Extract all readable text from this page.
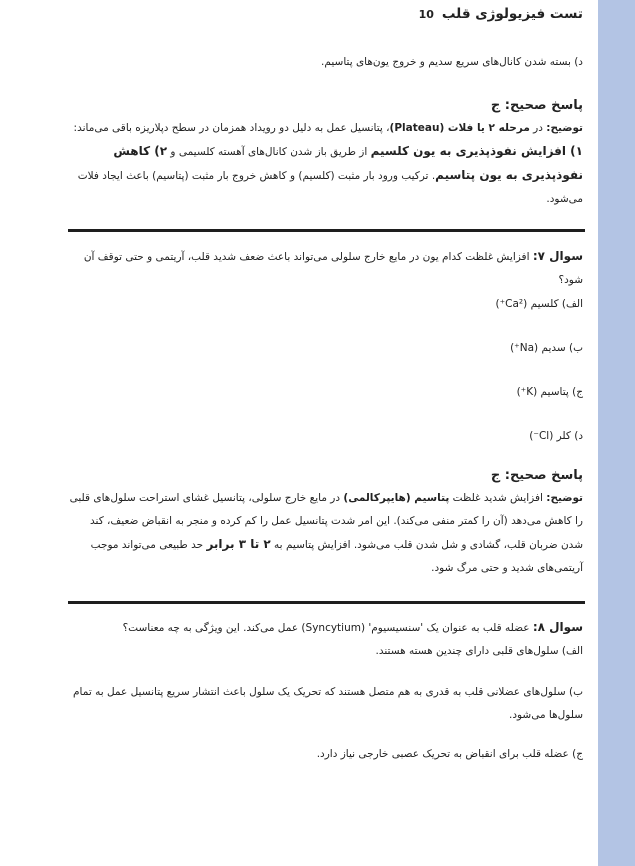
تست فیزیولوژی قلب
10

د) بسته شدن کانال‌های سریع سدیم و خروج یون‌های پتاسیم.

پاسخ صحیح: ج

توضیح: در مرحله ۲ یا فلات (Plateau)، پتانسیل عمل به دلیل دو رویداد همزمان در سطح دپلاریزه باقی می‌ماند: ۱) افزایش نفوذپذیری به یون کلسیم از طریق باز شدن کانال‌های آهسته کلسیمی و ۲) کاهش نفوذپذیری به یون پتاسیم. ترکیب ورود بار مثبت (کلسیم) و کاهش خروج بار مثبت (پتاسیم) باعث ایجاد فلات می‌شود.

سوال ۷: افزایش غلظت کدام یون در مایع خارج سلولی می‌تواند باعث ضعف شدید قلب، آریتمی و حتی توقف آن شود؟

الف) کلسیم (Ca²⁺)

ب) سدیم (Na⁺)

ج) پتاسیم (K⁺)

د) کلر (Cl⁻)

پاسخ صحیح: ج

توضیح: افزایش شدید غلظت پتاسیم (هایپرکالمی) در مایع خارج سلولی، پتانسیل غشای استراحت سلول‌های قلبی را کاهش می‌دهد (آن را کمتر منفی می‌کند). این امر شدت پتانسیل عمل را کم کرده و منجر به انقباض ضعیف، کند شدن ضربان قلب، گشادی و شل شدن قلب می‌شود. افزایش پتاسیم به ۲ تا ۳ برابر حد طبیعی می‌تواند موجب آریتمی‌های شدید و حتی مرگ شود.

سوال ۸: عضله قلب به عنوان یک 'سنسیسیوم' (Syncytium) عمل می‌کند. این ویژگی به چه معناست؟

الف) سلول‌های قلبی دارای چندین هسته هستند.

ب) سلول‌های عضلانی قلب به قدری به هم متصل هستند که تحریک یک سلول باعث انتشار سریع پتانسیل عمل به تمام سلول‌ها می‌شود.

ج) عضله قلب برای انقباض به تحریک عصبی خارجی نیاز دارد.
